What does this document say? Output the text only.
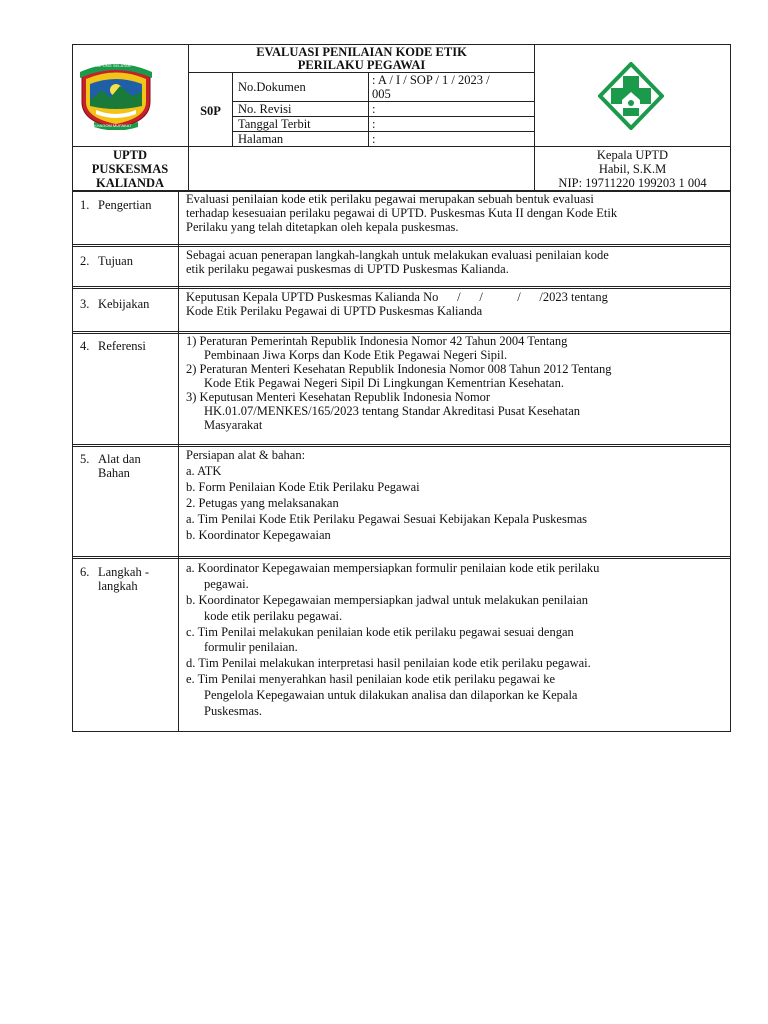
LAMPUNG SELATAN
KHAGOM MUFAKAT
EVALUASI PENILAIAN KODE ETIK
PERILAKU PEGAWAI
S0P
No.Dokumen	: A / I / SOP / 1 / 2023 /
005
No. Revisi	:
Tanggal Terbit	:
Halaman	:
UPTD
PUSKESMAS
KALIANDA
Kepala UPTD
Habil, S.K.M
NIP: 19711220 199203 1 004
1. Pengertian	Evaluasi penilaian kode etik perilaku pegawai merupakan sebuah bentuk evaluasi
terhadap kesesuaian perilaku pegawai di UPTD. Puskesmas Kuta II dengan Kode Etik
Perilaku yang telah ditetapkan oleh kepala puskesmas.
2. Tujuan	Sebagai acuan penerapan langkah-langkah untuk melakukan evaluasi penilaian kode
etik perilaku pegawai puskesmas di UPTD Puskesmas Kalianda.
3. Kebijakan	Keputusan Kepala UPTD Puskesmas Kalianda No      /      /           /      /2023 tentang
Kode Etik Perilaku Pegawai di UPTD Puskesmas Kalianda
4. Referensi	1) Peraturan Pemerintah Republik Indonesia Nomor 42 Tahun 2004 Tentang
Pembinaan Jiwa Korps dan Kode Etik Pegawai Negeri Sipil.
2) Peraturan Menteri Kesehatan Republik Indonesia Nomor 008 Tahun 2012 Tentang
Kode Etik Pegawai Negeri Sipil Di Lingkungan Kementrian Kesehatan.
3) Keputusan Menteri Kesehatan Republik Indonesia Nomor
HK.01.07/MENKES/165/2023 tentang Standar Akreditasi Pusat Kesehatan
Masyarakat
5. Alat dan
Bahan
Persiapan alat & bahan:
a. ATK
b. Form Penilaian Kode Etik Perilaku Pegawai
2. Petugas yang melaksanakan
a. Tim Penilai Kode Etik Perilaku Pegawai Sesuai Kebijakan Kepala Puskesmas
b. Koordinator Kepegawaian
6. Langkah -
langkah
a. Koordinator Kepegawaian mempersiapkan formulir penilaian kode etik perilaku
pegawai.
b. Koordinator Kepegawaian mempersiapkan jadwal untuk melakukan penilaian
kode etik perilaku pegawai.
c. Tim Penilai melakukan penilaian kode etik perilaku pegawai sesuai dengan
formulir penilaian.
d. Tim Penilai melakukan interpretasi hasil penilaian kode etik perilaku pegawai.
e. Tim Penilai menyerahkan hasil penilaian kode etik perilaku pegawai ke
Pengelola Kepegawaian untuk dilakukan analisa dan dilaporkan ke Kepala
Puskesmas.
